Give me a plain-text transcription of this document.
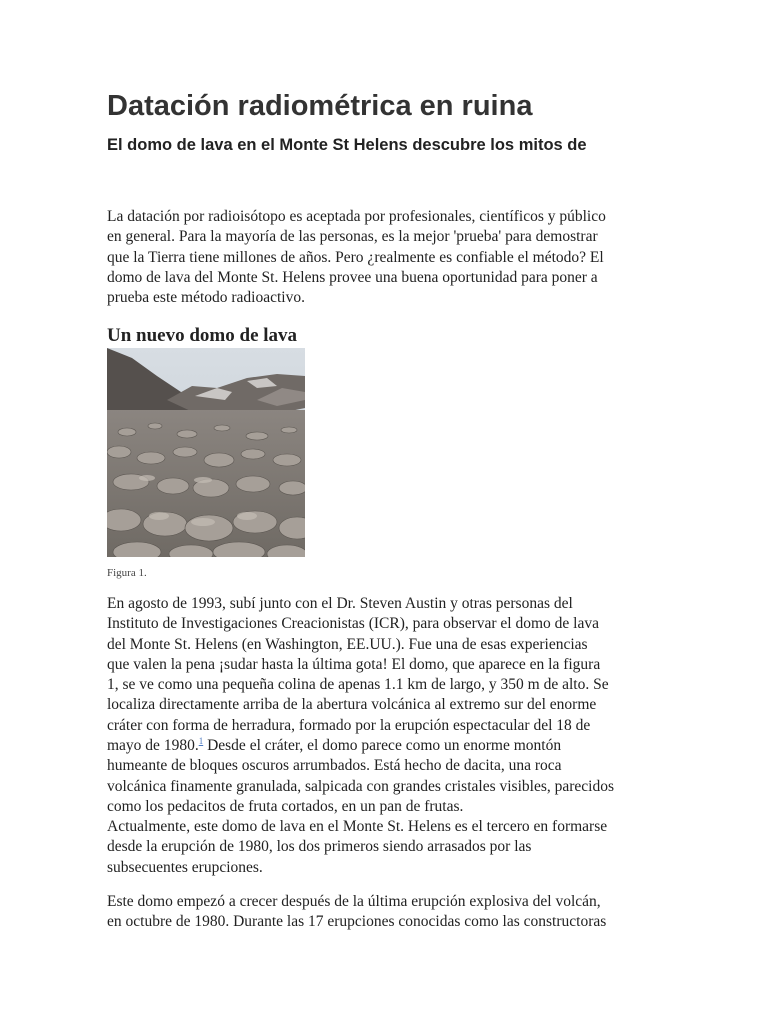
Datación radiométrica en ruina
El domo de lava en el Monte St Helens descubre los mitos de

La datación por radioisótopo es aceptada por profesionales, científicos y público
en general. Para la mayoría de las personas, es la mejor 'prueba' para demostrar
que la Tierra tiene millones de años. Pero ¿realmente es confiable el método? El
domo de lava del Monte St. Helens provee una buena oportunidad para poner a
prueba este método radioactivo.

Un nuevo domo de lava

Figura 1.

En agosto de 1993, subí junto con el Dr. Steven Austin y otras personas del
Instituto de Investigaciones Creacionistas (ICR), para observar el domo de lava
del Monte St. Helens (en Washington, EE.UU.). Fue una de esas experiencias
que valen la pena ¡sudar hasta la última gota! El domo, que aparece en la figura
1, se ve como una pequeña colina de apenas 1.1 km de largo, y 350 m de alto. Se
localiza directamente arriba de la abertura volcánica al extremo sur del enorme
cráter con forma de herradura, formado por la erupción espectacular del 18 de
mayo de 1980.$^1$ Desde el cráter, el domo parece como un enorme montón
humeante de bloques oscuros arrumbados. Está hecho de dacita, una roca
volcánica finamente granulada, salpicada con grandes cristales visibles, parecidos
como los pedacitos de fruta cortados, en un pan de frutas.

Actualmente, este domo de lava en el Monte St. Helens es el tercero en formarse
desde la erupción de 1980, los dos primeros siendo arrasados por las
subsecuentes erupciones.

Este domo empezó a crecer después de la última erupción explosiva del volcán,
en octubre de 1980. Durante las 17 erupciones conocidas como las constructoras
